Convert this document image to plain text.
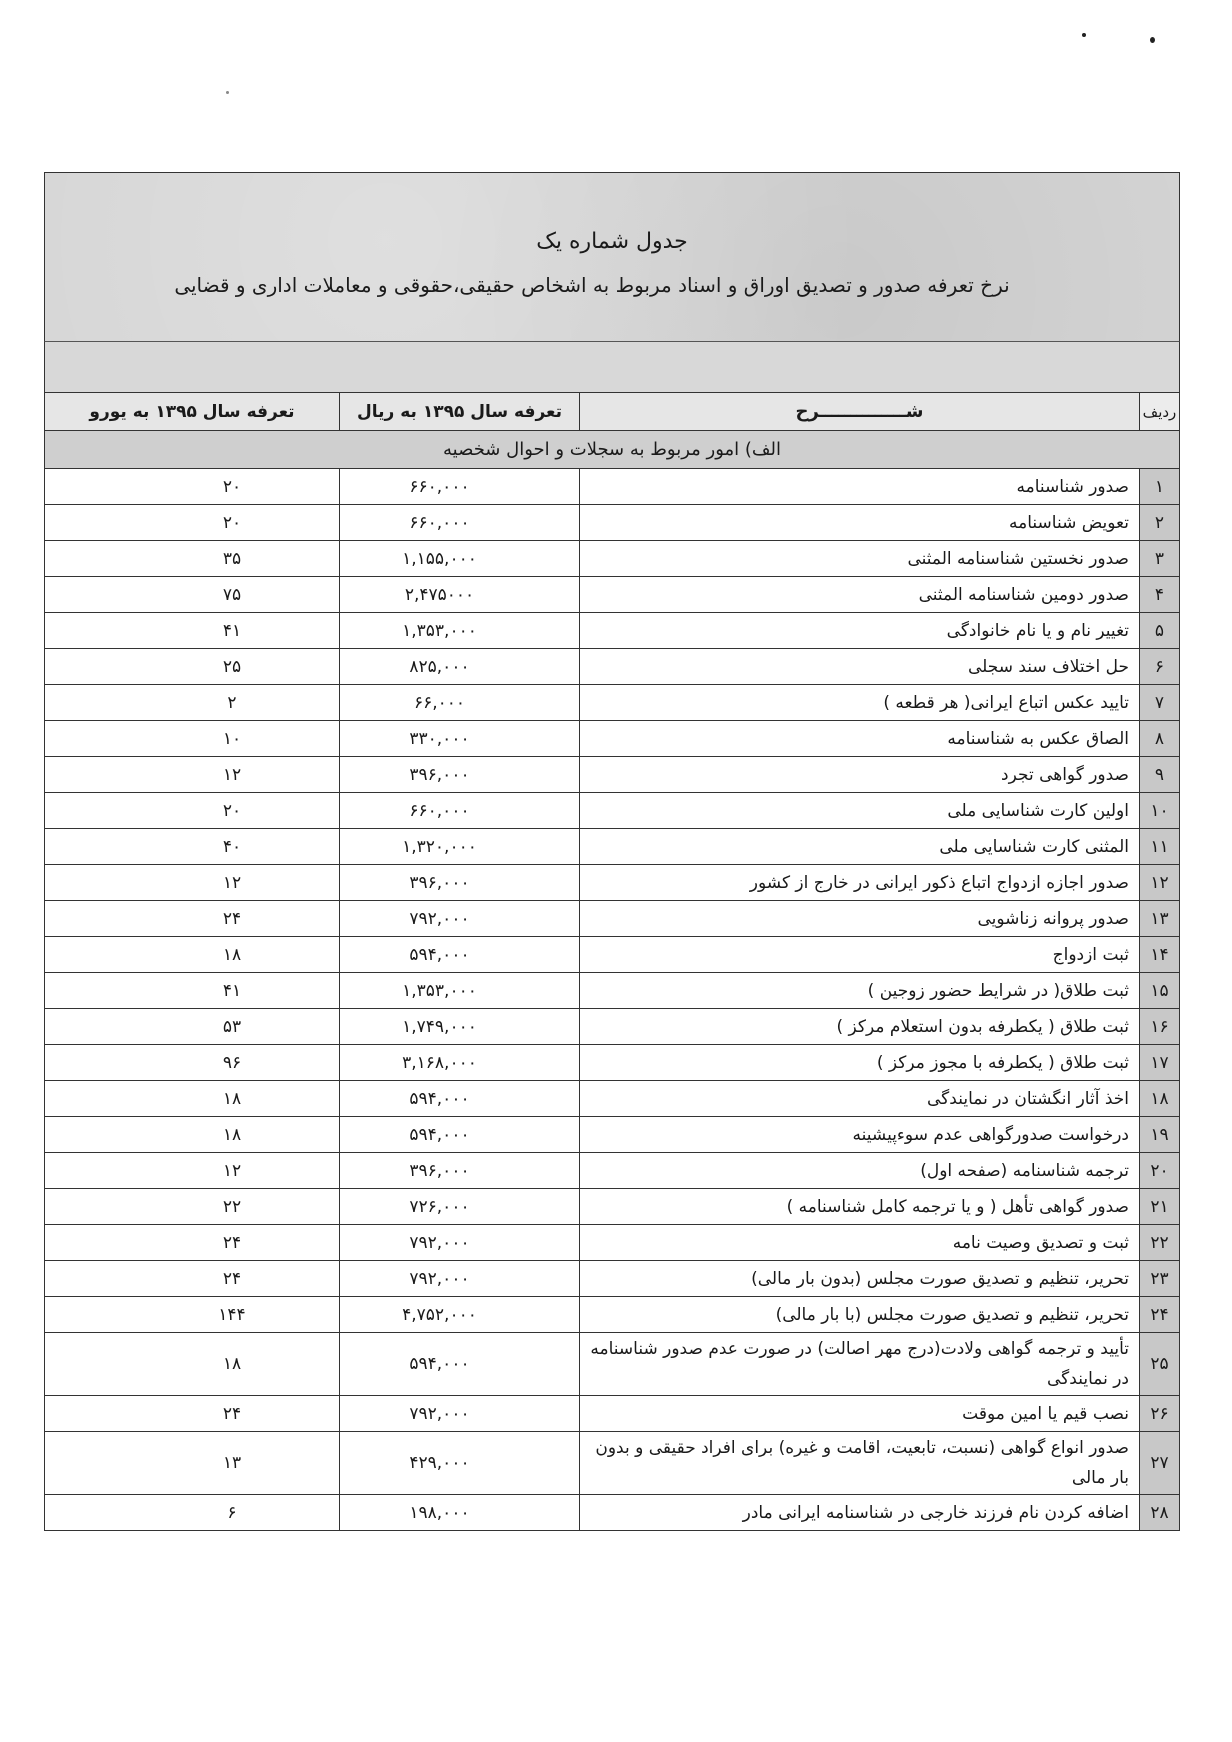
جدول شماره یک
نرخ تعرفه صدور و تصدیق اوراق و اسناد مربوط به اشخاص حقیقی،حقوقی و معاملات اداری و قضایی
ردیف	شــــــــــــــرح	تعرفه سال ۱۳۹۵ به ریال	تعرفه سال ۱۳۹۵ به یورو
الف) امور مربوط به سجلات و احوال شخصیه			
۱	صدور شناسنامه	۶۶۰,۰۰۰	۲۰
۲	تعویض شناسنامه	۶۶۰,۰۰۰	۲۰
۳	صدور نخستین شناسنامه المثنی	۱,۱۵۵,۰۰۰	۳۵
۴	صدور دومین شناسنامه المثنی	۲,۴۷۵۰۰۰	۷۵
۵	تغییر نام و یا نام خانوادگی	۱,۳۵۳,۰۰۰	۴۱
۶	حل اختلاف سند سجلی	۸۲۵,۰۰۰	۲۵
۷	تایید عکس اتباع ایرانی( هر قطعه )	۶۶,۰۰۰	۲
۸	الصاق عکس به شناسنامه	۳۳۰,۰۰۰	۱۰
۹	صدور گواهی تجرد	۳۹۶,۰۰۰	۱۲
۱۰	اولین کارت شناسایی ملی	۶۶۰,۰۰۰	۲۰
۱۱	المثنی کارت شناسایی ملی	۱,۳۲۰,۰۰۰	۴۰
۱۲	صدور اجازه ازدواج اتباع ذکور ایرانی در خارج از کشور	۳۹۶,۰۰۰	۱۲
۱۳	صدور پروانه زناشویی	۷۹۲,۰۰۰	۲۴
۱۴	ثبت ازدواج	۵۹۴,۰۰۰	۱۸
۱۵	ثبت طلاق( در شرایط حضور زوجین )	۱,۳۵۳,۰۰۰	۴۱
۱۶	ثبت طلاق ( یکطرفه بدون استعلام مرکز )	۱,۷۴۹,۰۰۰	۵۳
۱۷	ثبت طلاق ( یکطرفه با مجوز مرکز )	۳,۱۶۸,۰۰۰	۹۶
۱۸	اخذ آثار انگشتان در نمایندگی	۵۹۴,۰۰۰	۱۸
۱۹	درخواست صدورگواهی عدم سوءپیشینه	۵۹۴,۰۰۰	۱۸
۲۰	ترجمه شناسنامه (صفحه اول)	۳۹۶,۰۰۰	۱۲
۲۱	صدور گواهی تأهل ( و یا ترجمه کامل شناسنامه )	۷۲۶,۰۰۰	۲۲
۲۲	ثبت و تصدیق وصیت نامه	۷۹۲,۰۰۰	۲۴
۲۳	تحریر، تنظیم و تصدیق صورت مجلس (بدون بار مالی)	۷۹۲,۰۰۰	۲۴
۲۴	تحریر، تنظیم و تصدیق صورت مجلس (با بار مالی)	۴,۷۵۲,۰۰۰	۱۴۴
۲۵	تأیید و ترجمه گواهی ولادت(درج مهر اصالت) در صورت عدم صدور شناسنامه در نمایندگی	۵۹۴,۰۰۰	۱۸
۲۶	نصب قیم یا امین موقت	۷۹۲,۰۰۰	۲۴
۲۷	صدور انواع گواهی (نسبت، تابعیت، اقامت و غیره) برای افراد حقیقی و بدون بار مالی	۴۲۹,۰۰۰	۱۳
۲۸	اضافه کردن نام فرزند خارجی در شناسنامه ایرانی مادر	۱۹۸,۰۰۰	۶
